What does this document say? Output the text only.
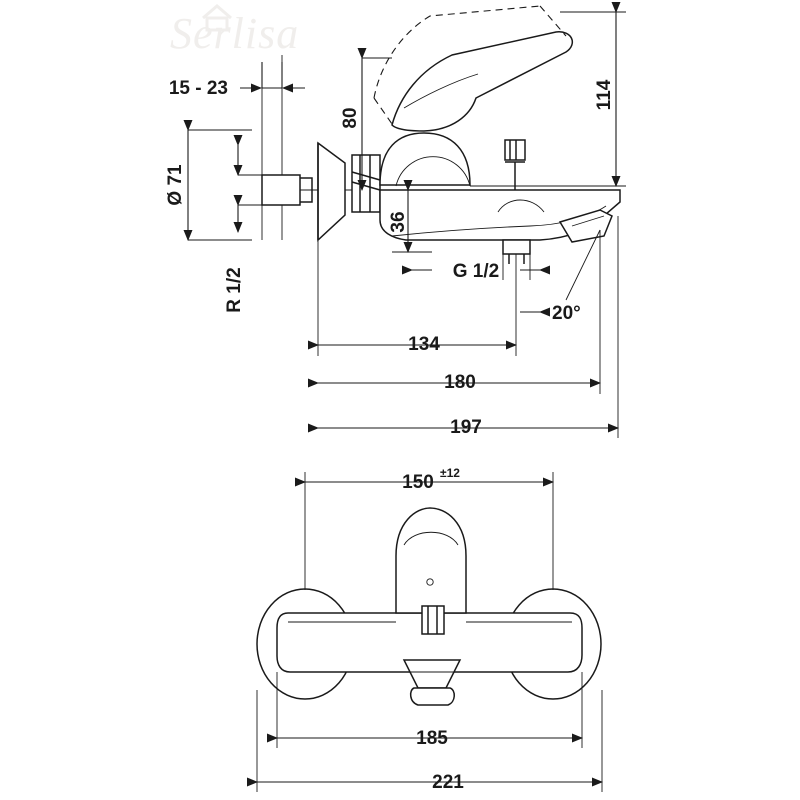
Serlisa
15 - 23
Ø 71
R 1/2
80
114
36
G 1/2
20°
134
180
197
150 ±12
185
221
